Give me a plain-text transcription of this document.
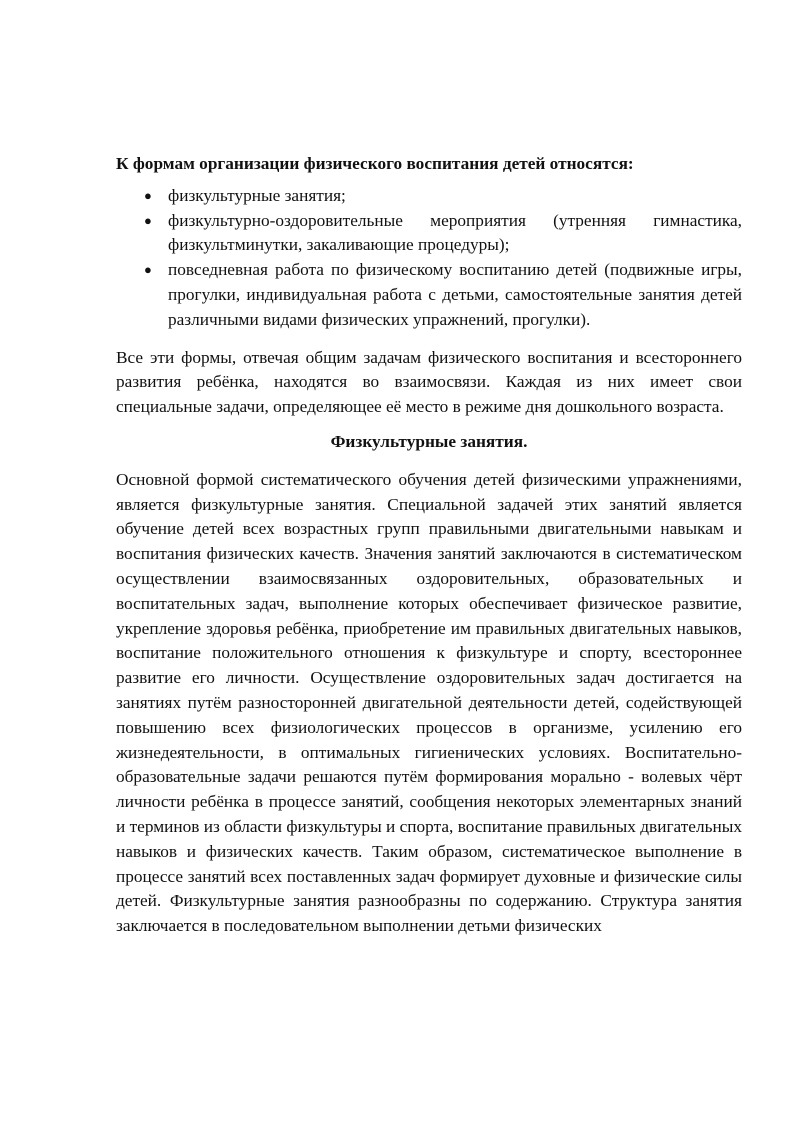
К формам организации физического воспитания детей относятся:
● физкультурные занятия;
● физкультурно-оздоровительные мероприятия (утренняя гимнастика, физкультминутки, закаливающие процедуры);
● повседневная работа по физическому воспитанию детей (подвижные игры, прогулки, индивидуальная работа с детьми, самостоятельные занятия детей различными видами физических упражнений, прогулки).

Все эти формы, отвечая общим задачам физического воспитания и всестороннего развития ребёнка, находятся во взаимосвязи. Каждая из них имеет свои специальные задачи, определяющее её место в режиме дня дошкольного возраста.

Физкультурные занятия.

Основной формой систематического обучения детей физическими упражнениями, является физкультурные занятия. Специальной задачей этих занятий является обучение детей всех возрастных групп правильными двигательными навыкам и воспитания физических качеств. Значения занятий заключаются в систематическом осуществлении взаимосвязанных оздоровительных, образовательных и воспитательных задач, выполнение которых обеспечивает физическое развитие, укрепление здоровья ребёнка, приобретение им правильных двигательных навыков, воспитание положительного отношения к физкультуре и спорту, всестороннее развитие его личности. Осуществление оздоровительных задач достигается на занятиях путём разносторонней двигательной деятельности детей, содействующей повышению всех физиологических процессов в организме, усилению его жизнедеятельности, в оптимальных гигиенических условиях. Воспитательно-образовательные задачи решаются путём формирования морально - волевых чёрт личности ребёнка в процессе занятий, сообщения некоторых элементарных знаний и терминов из области физкультуры и спорта, воспитание правильных двигательных навыков и физических качеств. Таким образом, систематическое выполнение в процессе занятий всех поставленных задач формирует духовные и физические силы детей. Физкультурные занятия разнообразны по содержанию. Структура занятия заключается в последовательном выполнении детьми физических
